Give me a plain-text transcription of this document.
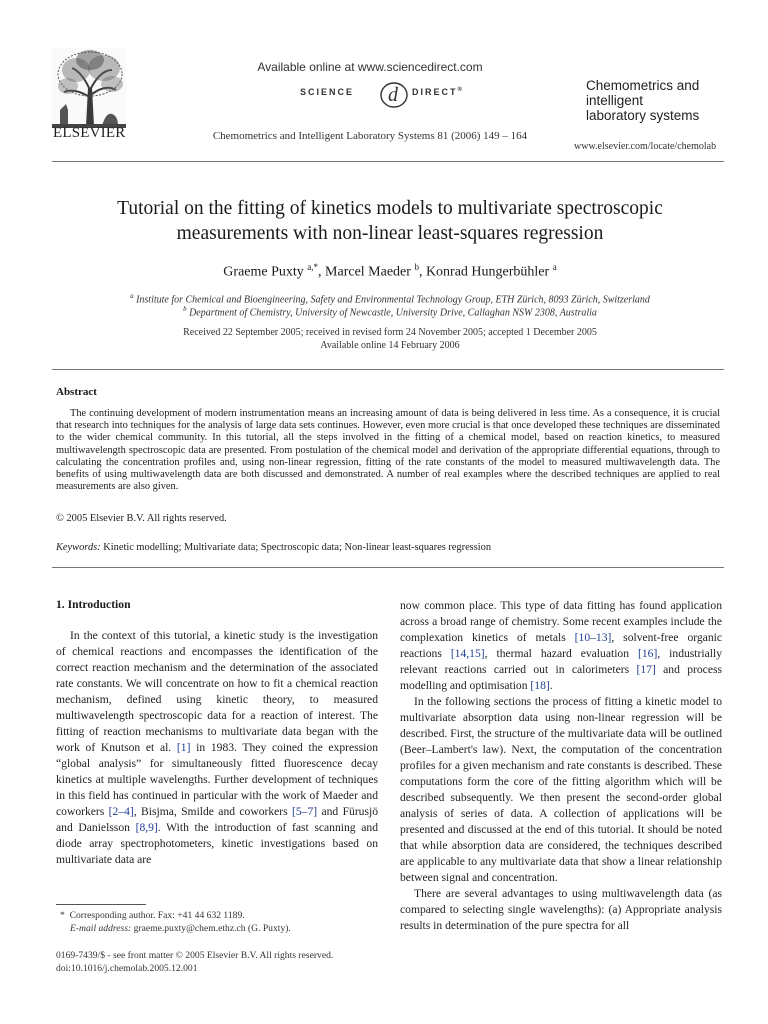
ELSEVIER
Available online at www.sciencedirect.com
SCIENCE d DIRECT®
Chemometrics and Intelligent Laboratory Systems 81 (2006) 149 – 164
Chemometrics and
intelligent
laboratory systems
www.elsevier.com/locate/chemolab
Tutorial on the fitting of kinetics models to multivariate spectroscopic
measurements with non-linear least-squares regression
Graeme Puxty $^{a,*}$, Marcel Maeder $^b$, Konrad Hungerbühler $^a$
$^a$ Institute for Chemical and Bioengineering, Safety and Environmental Technology Group, ETH Zürich, 8093 Zürich, Switzerland
$^b$ Department of Chemistry, University of Newcastle, University Drive, Callaghan NSW 2308, Australia
Received 22 September 2005; received in revised form 24 November 2005; accepted 1 December 2005
Available online 14 February 2006
Abstract

The continuing development of modern instrumentation means an increasing amount of data is being delivered in less time. As a consequence, it is crucial that research into techniques for the analysis of large data sets continues. However, even more crucial is that once developed these techniques are disseminated to the wider chemical community. In this tutorial, all the steps involved in the fitting of a chemical model, based on reaction kinetics, to measured multiwavelength spectroscopic data are presented. From postulation of the chemical model and derivation of the appropriate differential equations, through to calculating the concentration profiles and, using non-linear regression, fitting of the rate constants of the model to measured multiwavelength data. The benefits of using multiwavelength data are both discussed and demonstrated. A number of real examples where the described techniques are applied to real measurements are also given.

© 2005 Elsevier B.V. All rights reserved.
Keywords: Kinetic modelling; Multivariate data; Spectroscopic data; Non-linear least-squares regression
1. Introduction

In the context of this tutorial, a kinetic study is the investigation of chemical reactions and encompasses the identification of the correct reaction mechanism and the determination of the associated rate constants. We will concentrate on how to fit a chemical reaction mechanism, defined using kinetic theory, to measured multiwavelength spectroscopic data for a reaction of interest. The fitting of reaction mechanisms to multivariate data began with the work of Knutson et al. [1] in 1983. They coined the expression “global analysis” for simultaneously fitted fluorescence decay kinetics at multiple wavelengths. Further development of techniques in this field has continued in particular with the work of Maeder and coworkers [2–4], Bisjma, Smilde and coworkers [5–7] and Fürusjö and Danielsson [8,9]. With the introduction of fast scanning and diode array spectrophotometers, kinetic investigations based on multivariate data are

now common place. This type of data fitting has found application across a broad range of chemistry. Some recent examples include the complexation kinetics of metals [10–13], solvent-free organic reactions [14,15], thermal hazard evaluation [16], industrially relevant reactions carried out in calorimeters [17] and process modelling and optimisation [18].

In the following sections the process of fitting a kinetic model to multivariate absorption data using non-linear regression will be described. First, the structure of the multivariate data will be outlined (Beer–Lambert's law). Next, the computation of the concentration profiles for a given mechanism and rate constants is described. These computations form the core of the fitting algorithm which will be described subsequently. We then present the second-order global analysis of series of data. A collection of applications will be presented and discussed at the end of this tutorial. It should be noted that while absorption data are considered, the techniques described are applicable to any multivariate data that show a linear relationship between signal and concentration.

There are several advantages to using multiwavelength data (as compared to selecting single wavelengths): (a) Appropriate analysis results in determination of the pure spectra for all

* Corresponding author. Fax: +41 44 632 1189.
E-mail address: graeme.puxty@chem.ethz.ch (G. Puxty).
0169-7439/$ - see front matter © 2005 Elsevier B.V. All rights reserved.
doi:10.1016/j.chemolab.2005.12.001
